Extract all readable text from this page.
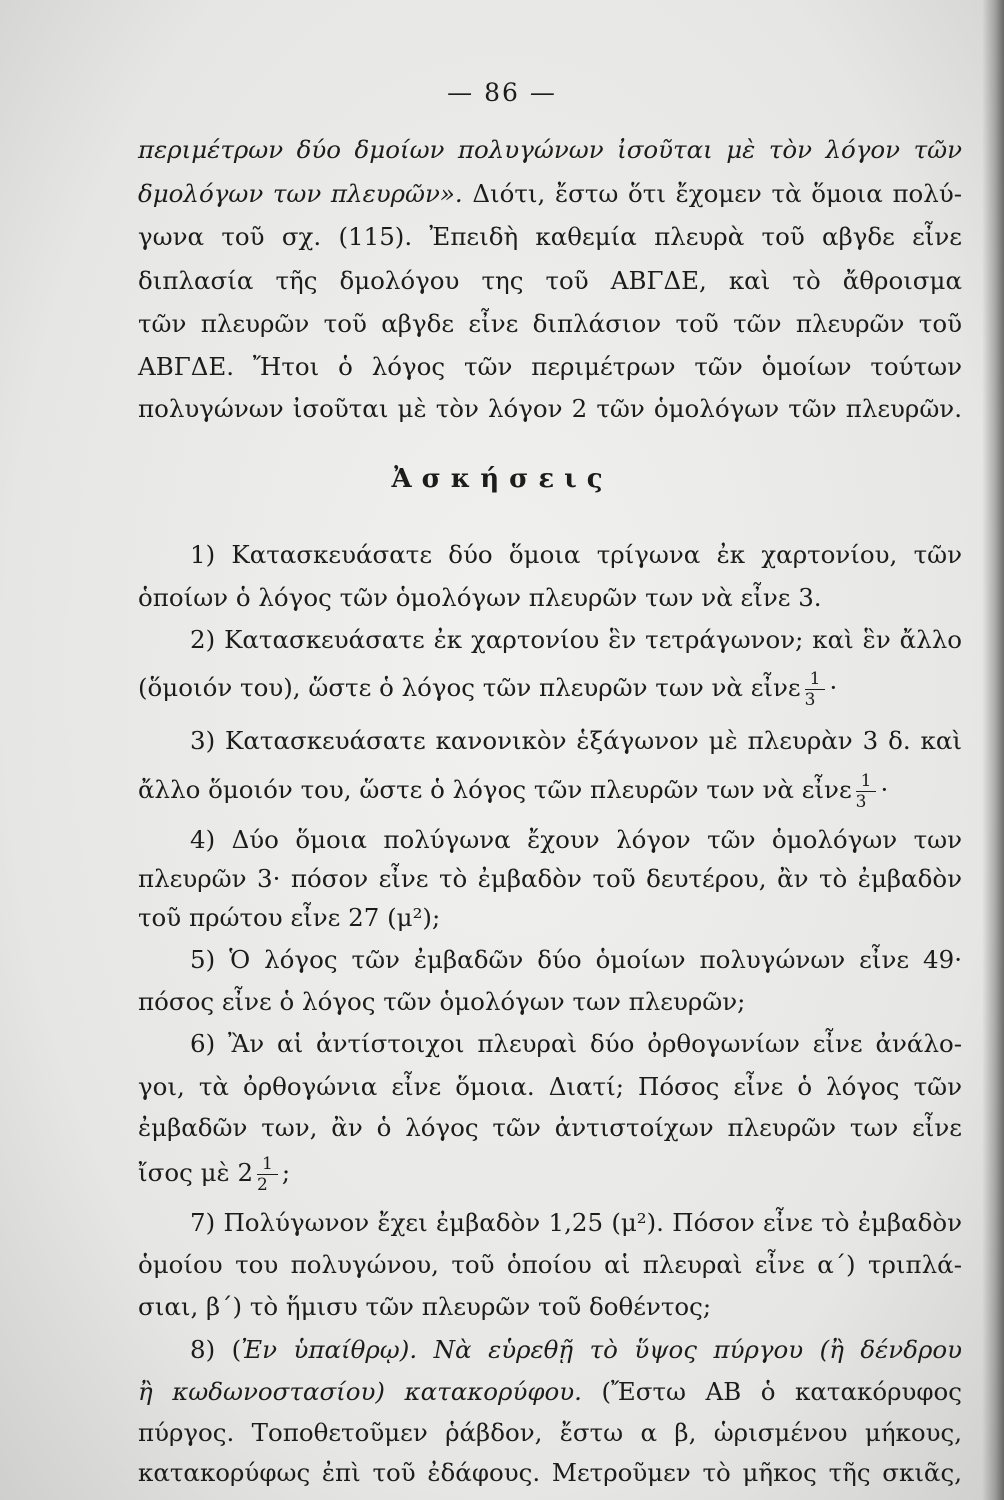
— 86 —
περιμέτρων δύο δμοίων πολυγώνων ἰσοῦται μὲ τὸν λόγον τῶν
δμολόγων των πλευρῶν». Διότι, ἔστω ὅτι ἔχομεν τὰ ὅμοια πολύ-
γωνα τοῦ σχ. (115). Ἐπειδὴ καθεμία πλευρὰ τοῦ αβγδε εἶνε
διπλασία τῆς δμολόγου της τοῦ ΑΒΓΔΕ, καὶ τὸ ἄθροισμα
τῶν πλευρῶν τοῦ αβγδε εἶνε διπλάσιον τοῦ τῶν πλευρῶν τοῦ
ΑΒΓΔΕ. Ἤτοι ὁ λόγος τῶν περιμέτρων τῶν ὁμοίων τούτων
πολυγώνων ἰσοῦται μὲ τὸν λόγον 2 τῶν ὁμολόγων τῶν πλευρῶν.
Ἀσκήσεις
1) Κατασκευάσατε δύο ὅμοια τρίγωνα ἐκ χαρτονίου, τῶν
ὁποίων ὁ λόγος τῶν ὁμολόγων πλευρῶν των νὰ εἶνε 3.
2) Κατασκευάσατε ἐκ χαρτονίου ἓν τετράγωνον; καὶ ἓν ἄλλο
(ὅμοιόν του), ὥστε ὁ λόγος τῶν πλευρῶν των νὰ εἶνε $\frac{1}{3}$ ·
3) Κατασκευάσατε κανονικὸν ἑξάγωνον μὲ πλευρὰν 3 δ. καὶ
ἄλλο ὅμοιόν του, ὥστε ὁ λόγος τῶν πλευρῶν των νὰ εἶνε $\frac{1}{3}$ ·
4) Δύο ὅμοια πολύγωνα ἔχουν λόγον τῶν ὁμολόγων των
πλευρῶν 3· πόσον εἶνε τὸ ἐμβαδὸν τοῦ δευτέρου, ἂν τὸ ἐμβαδὸν
τοῦ πρώτου εἶνε 27 (μ²);
5) Ὁ λόγος τῶν ἐμβαδῶν δύο ὁμοίων πολυγώνων εἶνε 49·
πόσος εἶνε ὁ λόγος τῶν ὁμολόγων των πλευρῶν;
6) Ἂν αἱ ἀντίστοιχοι πλευραὶ δύο ὀρθογωνίων εἶνε ἀνάλο-
γοι, τὰ ὀρθογώνια εἶνε ὅμοια. Διατί; Πόσος εἶνε ὁ λόγος τῶν
ἐμβαδῶν των, ἂν ὁ λόγος τῶν ἀντιστοίχων πλευρῶν των εἶνε
ἴσος μὲ $2 \frac{1}{2}$ ;
7) Πολύγωνον ἔχει ἐμβαδὸν 1,25 (μ²). Πόσον εἶνε τὸ ἐμβαδὸν
ὁμοίου του πολυγώνου, τοῦ ὁποίου αἱ πλευραὶ εἶνε α΄) τριπλά-
σιαι, β΄) τὸ ἥμισυ τῶν πλευρῶν τοῦ δοθέντος;
8) (Ἐν ὑπαίθρῳ). Νὰ εὑρεθῇ τὸ ὕψος πύργου (ἢ δένδρου
ἢ κωδωνοστασίου) κατακορύφου. (Ἔστω ΑΒ ὁ κατακόρυφος
πύργος. Τοποθετοῦμεν ῥάβδον, ἔστω α β, ὡρισμένου μήκους,
κατακορύφως ἐπὶ τοῦ ἐδάφους. Μετροῦμεν τὸ μῆκος τῆς σκιᾶς,
